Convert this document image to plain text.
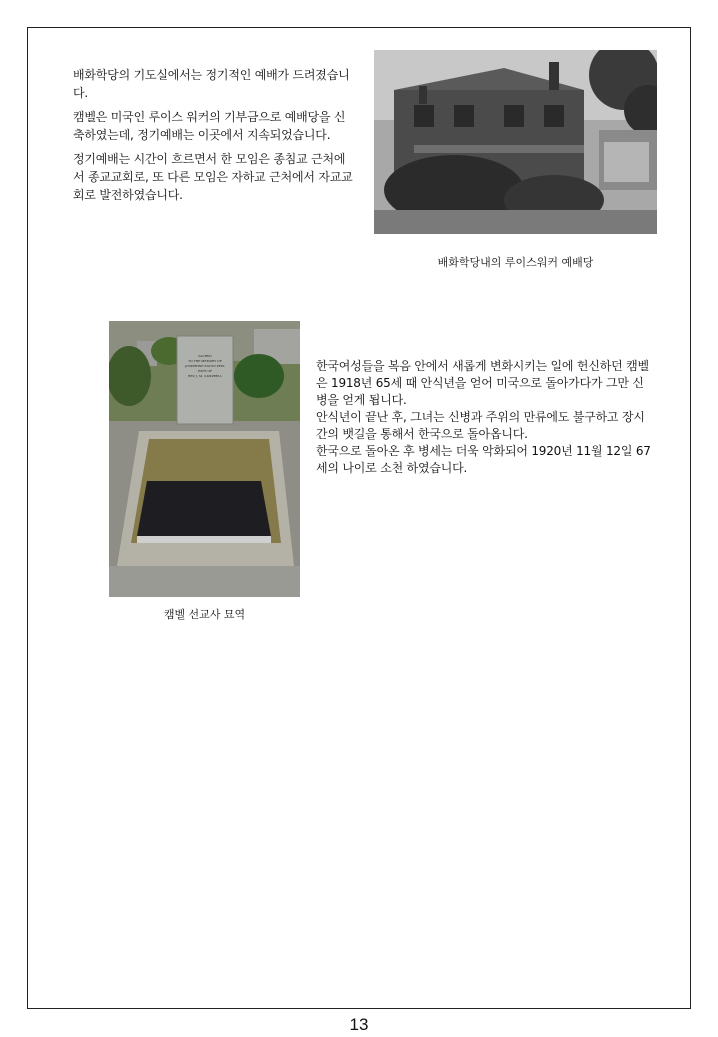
배화학당의 기도실에서는 정기적인 예배가 드려졌습니다.

캠벨은 미국인 루이스 워커의 기부금으로 예배당을 신축하였는데, 정기예배는 이곳에서 지속되었습니다.

정기예배는 시간이 흐르면서 한 모임은 종침교 근처에서 종교교회로, 또 다른 모임은 자하교 근처에서 자교교회로 발전하였습니다.

배화학당내의 루이스워커 예배당
SACRED
TO THE MEMORY OF
JOSEPHINE EATON PEEL
WIFE OF
REV. J. M. CAMPBELL
캠벨 선교사 묘역

한국여성들을 복음 안에서 새롭게 변화시키는 일에 헌신하던 캠벨은 1918년 65세 때 안식년을 얻어 미국으로 돌아가다가 그만 신병을 얻게 됩니다.

안식년이 끝난 후, 그녀는 신병과 주위의 만류에도 불구하고 장시간의 뱃길을 통해서 한국으로 돌아옵니다.

한국으로 돌아온 후 병세는 더욱 악화되어 1920년 11월 12일 67세의 나이로 소천 하였습니다.

13
